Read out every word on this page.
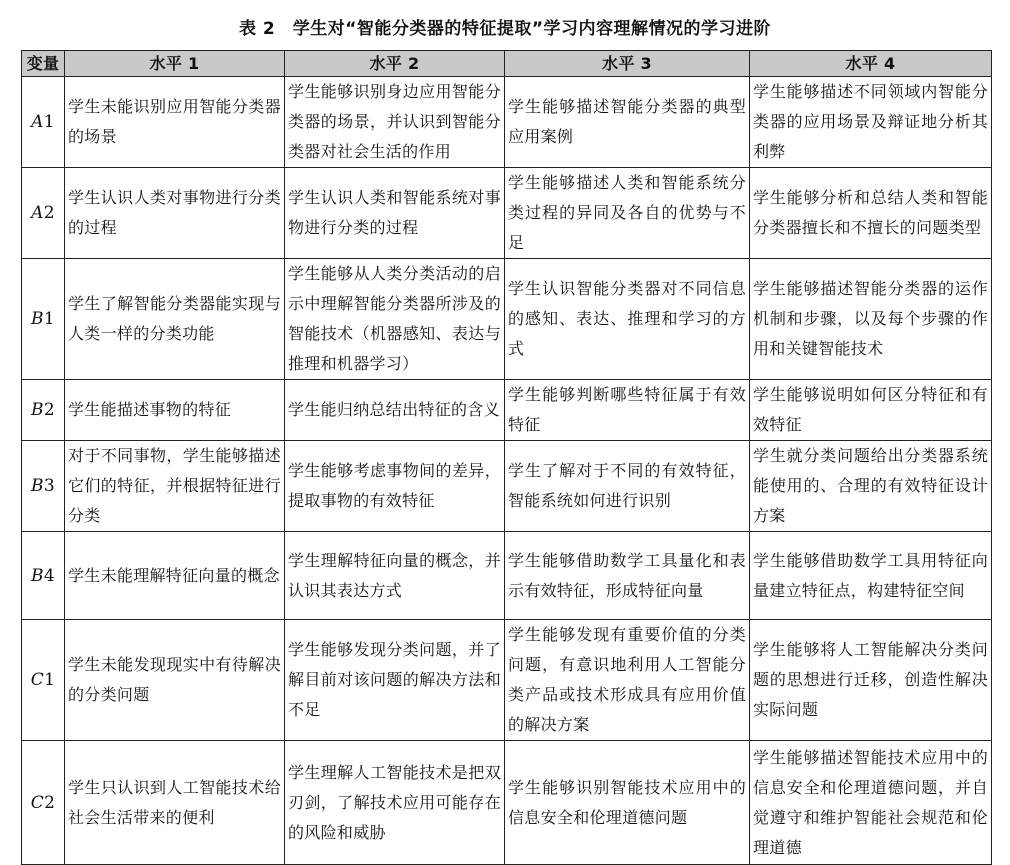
表 2　学生对“智能分类器的特征提取”学习内容理解情况的学习进阶
变量	水平 1	水平 2	水平 3	水平 4
A1	学生未能识别应用智能分类器的场景	学生能够识别身边应用智能分类器的场景，并认识到智能分类器对社会生活的作用	学生能够描述智能分类器的典型应用案例	学生能够描述不同领域内智能分类器的应用场景及辩证地分析其利弊
A2	学生认识人类对事物进行分类的过程	学生认识人类和智能系统对事物进行分类的过程	学生能够描述人类和智能系统分类过程的异同及各自的优势与不足	学生能够分析和总结人类和智能分类器擅长和不擅长的问题类型
B1	学生了解智能分类器能实现与人类一样的分类功能	学生能够从人类分类活动的启示中理解智能分类器所涉及的智能技术（机器感知、表达与推理和机器学习）	学生认识智能分类器对不同信息的感知、表达、推理和学习的方式	学生能够描述智能分类器的运作机制和步骤，以及每个步骤的作用和关键智能技术
B2	学生能描述事物的特征	学生能归纳总结出特征的含义	学生能够判断哪些特征属于有效特征	学生能够说明如何区分特征和有效特征
B3	对于不同事物，学生能够描述它们的特征，并根据特征进行分类	学生能够考虑事物间的差异，提取事物的有效特征	学生了解对于不同的有效特征，智能系统如何进行识别	学生就分类问题给出分类器系统能使用的、合理的有效特征设计方案
B4	学生未能理解特征向量的概念	学生理解特征向量的概念，并认识其表达方式	学生能够借助数学工具量化和表示有效特征，形成特征向量	学生能够借助数学工具用特征向量建立特征点，构建特征空间
C1	学生未能发现现实中有待解决的分类问题	学生能够发现分类问题，并了解目前对该问题的解决方法和不足	学生能够发现有重要价值的分类问题，有意识地利用人工智能分类产品或技术形成具有应用价值的解决方案	学生能够将人工智能解决分类问题的思想进行迁移，创造性解决实际问题
C2	学生只认识到人工智能技术给社会生活带来的便利	学生理解人工智能技术是把双刃剑，了解技术应用可能存在的风险和威胁	学生能够识别智能技术应用中的信息安全和伦理道德问题	学生能够描述智能技术应用中的信息安全和伦理道德问题，并自觉遵守和维护智能社会规范和伦理道德
